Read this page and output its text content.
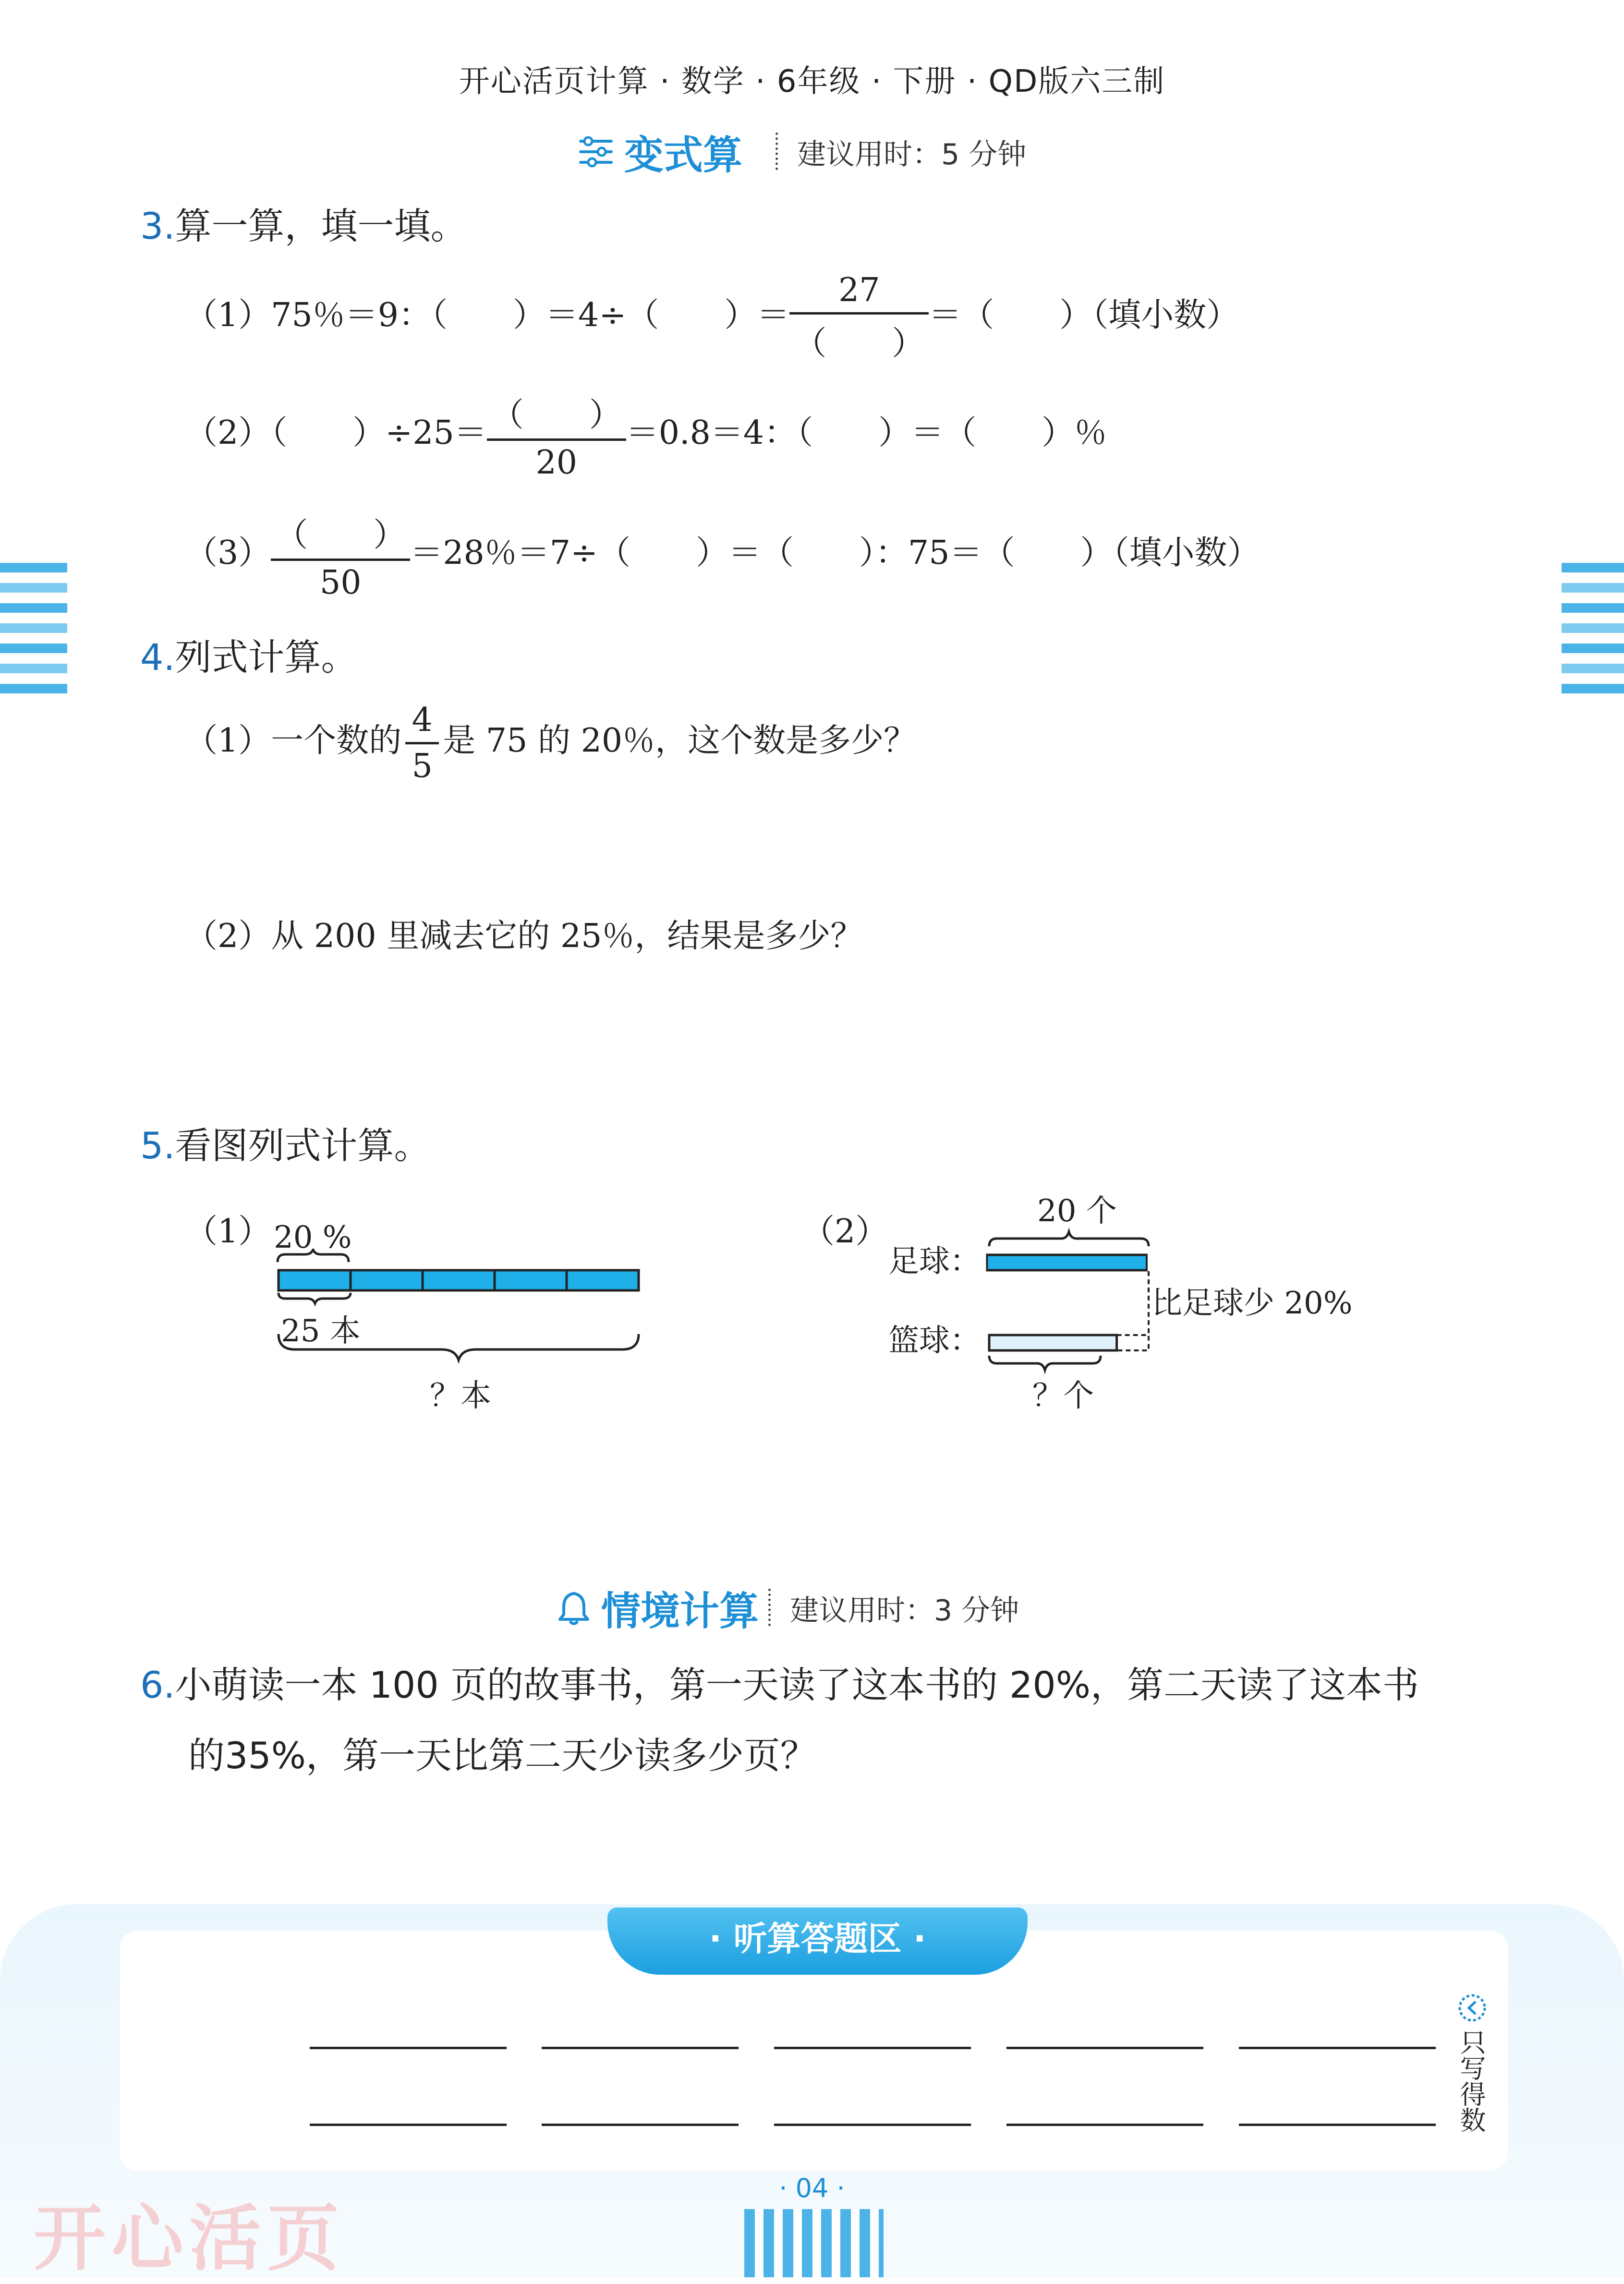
开心活页计算 · 数学 · 6年级 · 下册 · QD版六三制
变式算 建议用时：5 分钟
3.算一算，填一填。
（1）75％＝9：（　　）＝4÷（　　）＝ $\frac{27}{( )}$ ＝（　　）（填小数）
（2）（　　）$\div 25= \frac{( )}{20} =0.8=4$：（　　）＝（　　）％
$(3) \frac{( )}{50} =28$％＝7÷（　　）＝（　　）：75＝（　　）（填小数）
4.列式计算。
（1）一个数的 $\frac{4}{5}$ 是 75 的 20％，这个数是多少？
（2）从 200 里减去它的 25％，结果是多少？
5.看图列式计算。
（1） 20 %
25 本
？本
（2）
20 个
足球：
篮球：
比足球少 20%
？个
情境计算 建议用时：3 分钟
6.小萌读一本 100 页的故事书，第一天读了这本书的 20%，第二天读了这本书
的35%，第一天比第二天少读多少页？
· 听算答题区 ·
只写得数
· 04 ·
开心活页
